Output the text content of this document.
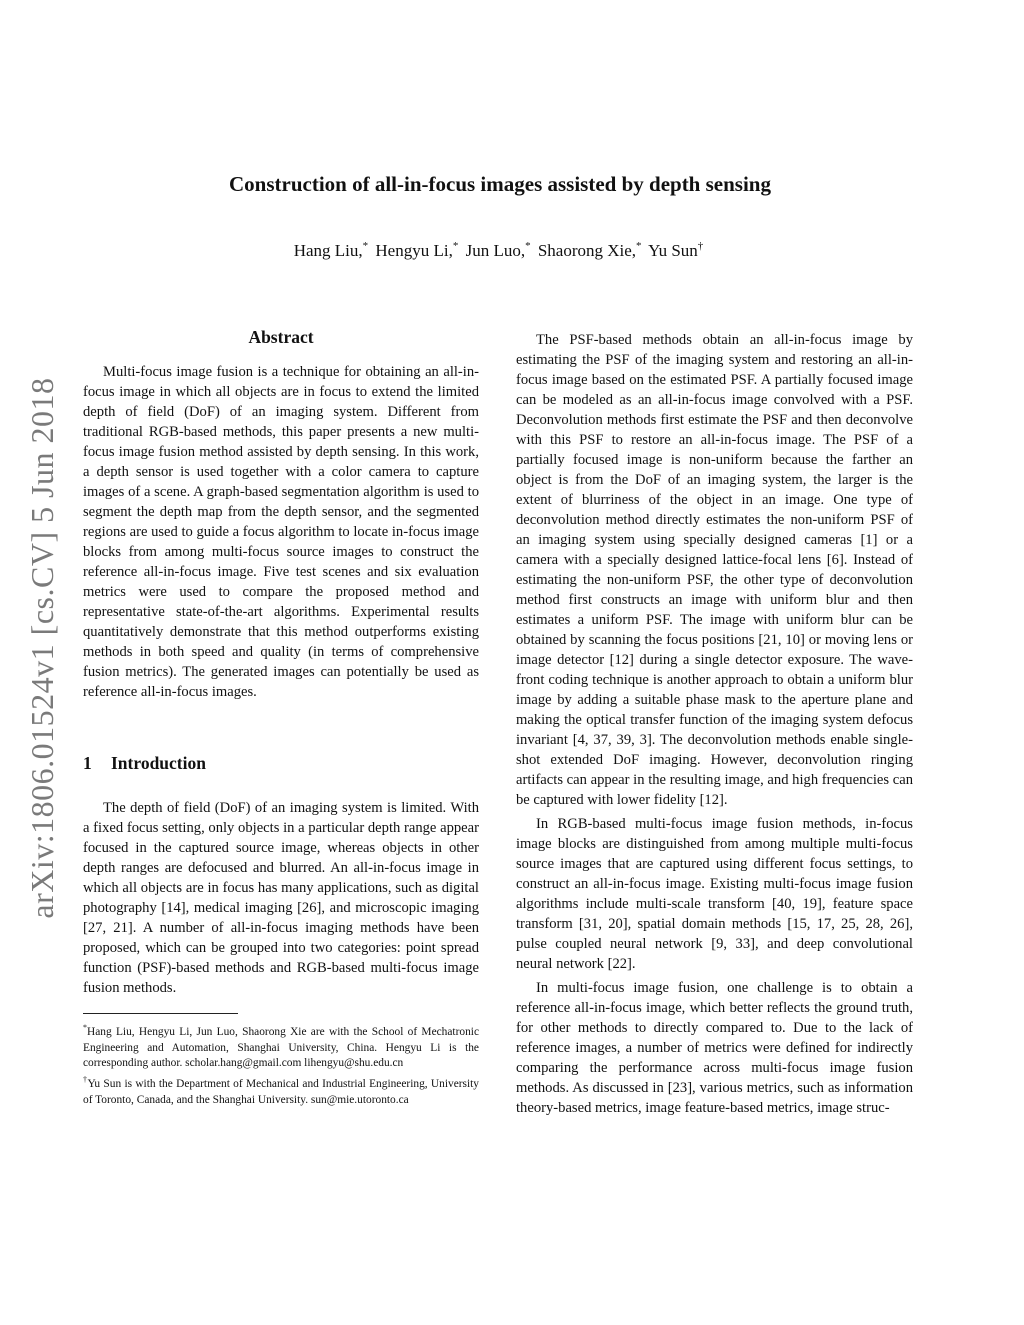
arXiv:1806.01524v1 [cs.CV] 5 Jun 2018
Construction of all-in-focus images assisted by depth sensing
Hang Liu,* Hengyu Li,* Jun Luo,* Shaorong Xie,* Yu Sun†
Abstract

Multi-focus image fusion is a technique for obtaining an all-in-focus image in which all objects are in focus to extend the limited depth of field (DoF) of an imaging system. Different from traditional RGB-based methods, this paper presents a new multi-focus image fusion method assisted by depth sensing. In this work, a depth sensor is used together with a color camera to capture images of a scene. A graph-based segmentation algorithm is used to segment the depth map from the depth sensor, and the segmented regions are used to guide a focus algorithm to locate in-focus image blocks from among multi-focus source images to construct the reference all-in-focus image. Five test scenes and six evaluation metrics were used to compare the proposed method and representative state-of-the-art algorithms. Experimental results quantitatively demonstrate that this method outperforms existing methods in both speed and quality (in terms of comprehensive fusion metrics). The generated images can potentially be used as reference all-in-focus images.

1 Introduction

The depth of field (DoF) of an imaging system is limited. With a fixed focus setting, only objects in a particular depth range appear focused in the captured source image, whereas objects in other depth ranges are defocused and blurred. An all-in-focus image in which all objects are in focus has many applications, such as digital photography [14], medical imaging [26], and microscopic imaging [27, 21]. A number of all-in-focus imaging methods have been proposed, which can be grouped into two categories: point spread function (PSF)-based methods and RGB-based multi-focus image fusion methods.

*Hang Liu, Hengyu Li, Jun Luo, Shaorong Xie are with the School of Mechatronic Engineering and Automation, Shanghai University, China. Hengyu Li is the corresponding author. scholar.hang@gmail.com lihengyu@shu.edu.cn

†Yu Sun is with the Department of Mechanical and Industrial Engineering, University of Toronto, Canada, and the Shanghai University. sun@mie.utoronto.ca

The PSF-based methods obtain an all-in-focus image by estimating the PSF of the imaging system and restoring an all-in-focus image based on the estimated PSF. A partially focused image can be modeled as an all-in-focus image convolved with a PSF. Deconvolution methods first estimate the PSF and then deconvolve with this PSF to restore an all-in-focus image. The PSF of a partially focused image is non-uniform because the farther an object is from the DoF of an imaging system, the larger is the extent of blurriness of the object in an image. One type of deconvolution method directly estimates the non-uniform PSF of an imaging system using specially designed cameras [1] or a camera with a specially designed lattice-focal lens [6]. Instead of estimating the non-uniform PSF, the other type of deconvolution method first constructs an image with uniform blur and then estimates a uniform PSF. The image with uniform blur can be obtained by scanning the focus positions [21, 10] or moving lens or image detector [12] during a single detector exposure. The wave-front coding technique is another approach to obtain a uniform blur image by adding a suitable phase mask to the aperture plane and making the optical transfer function of the imaging system defocus invariant [4, 37, 39, 3]. The deconvolution methods enable single-shot extended DoF imaging. However, deconvolution ringing artifacts can appear in the resulting image, and high frequencies can be captured with lower fidelity [12].

In RGB-based multi-focus image fusion methods, in-focus image blocks are distinguished from among multiple multi-focus source images that are captured using different focus settings, to construct an all-in-focus image. Existing multi-focus image fusion algorithms include multi-scale transform [40, 19], feature space transform [31, 20], spatial domain methods [15, 17, 25, 28, 26], pulse coupled neural network [9, 33], and deep convolutional neural network [22].

In multi-focus image fusion, one challenge is to obtain a reference all-in-focus image, which better reflects the ground truth, for other methods to directly compared to. Due to the lack of reference images, a number of metrics were defined for indirectly comparing the performance across multi-focus image fusion methods. As discussed in [23], various metrics, such as information theory-based metrics, image feature-based metrics, image struc-
